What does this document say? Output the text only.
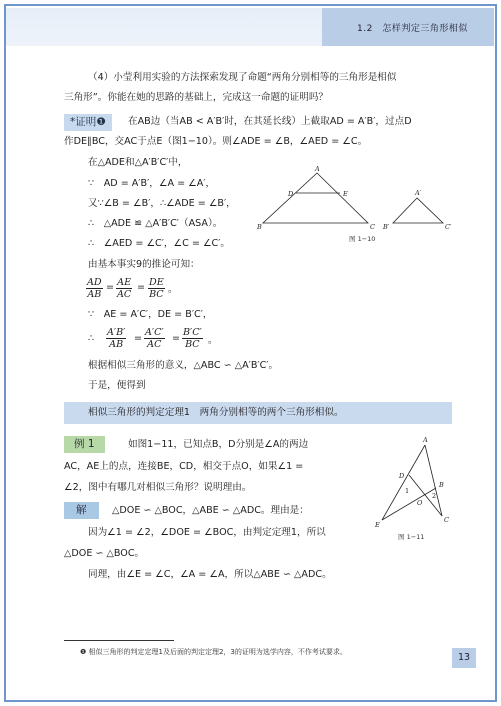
1.2　怎样判定三角形相似
（4）小莹利用实验的方法探索发现了命题“两角分别相等的三角形是相似
三角形”。你能在她的思路的基础上，完成这一命题的证明吗？
*证明❶	在AB边（当AB < A′B′时，在其延长线）上截取AD = A′B′，过点D
作DE∥BC，交AC于点E（图1−10）。则∠ADE = ∠B，∠AED = ∠C。
在△ADE和△A′B′C′中，
∵　AD = A′B′，∠A = ∠A′，
又∵∠B = ∠B′，∴∠ADE = ∠B′，
∴　△ADE ≌ △A′B′C′（ASA）。
∴　∠AED = ∠C′，∠C = ∠C′。
由基本事实9的推论可知：
$\frac{AD}{AB} = \frac{AE}{AC} = \frac{DE}{BC}$ 。
∵　AE = A′C′，DE = B′C′，
∴ $\frac{A'B'}{AB} = \frac{A'C'}{AC} = \frac{B'C'}{BC}$ 。
根据相似三角形的意义，△ABC ∽ △A′B′C′。
于是，便得到
A
D	E
B	C
A′
B′	C′
图 1−10
相似三角形的判定定理1　两角分别相等的两个三角形相似。
例 1	如图1−11，已知点B，D分别是∠A的两边
AC，AE上的点，连接BE，CD，相交于点O，如果∠1 =
∠2，图中有哪几对相似三角形？说明理由。
解	△DOE ∽ △BOC，△ABE ∽ △ADC。理由是：
因为∠1 = ∠2，∠DOE = ∠BOC，由判定定理1，所以
△DOE ∽ △BOC。
同理，由∠E = ∠C，∠A = ∠A，所以△ABE ∽ △ADC。
A
D
B
O
E
C
1
2
图 1−11
❶ 相似三角形的判定定理1及后面的判定定理2，3的证明为选学内容，不作考试要求。	13
